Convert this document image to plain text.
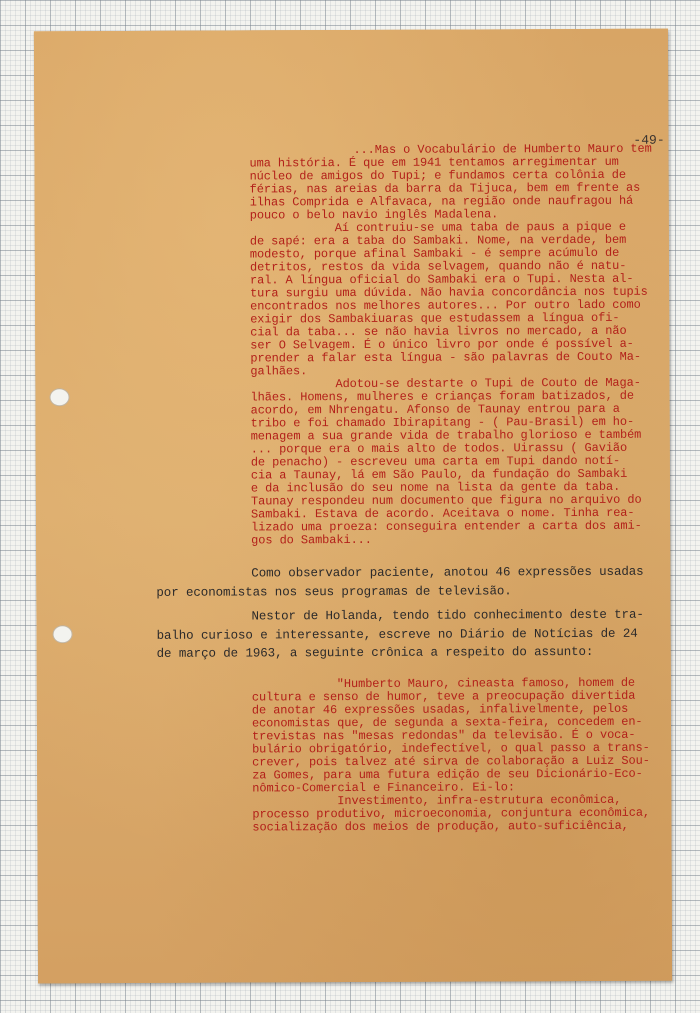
-49-

...Mas o Vocabulário de Humberto Mauro tem

uma história. É que em 1941 tentamos arregimentar um

núcleo de amigos do Tupi; e fundamos certa colônia de

férias, nas areias da barra da Tijuca, bem em frente as

ilhas Comprida e Alfavaca, na região onde naufragou há

pouco o belo navio inglês Madalena.

Aí contruiu-se uma taba de paus a pique e

de sapé: era a taba do Sambaki. Nome, na verdade, bem

modesto, porque afinal Sambaki - é sempre acúmulo de

detritos, restos da vida selvagem, quando não é natu-

ral. A língua oficial do Sambaki era o Tupi. Nesta al-

tura surgiu uma dúvida. Não havia concordância nos tupis

encontrados nos melhores autores... Por outro lado como

exigir dos Sambakiuaras que estudassem a língua ofi-

cial da taba... se não havia livros no mercado, a não

ser O Selvagem. É o único livro por onde é possível a-

prender a falar esta língua - são palavras de Couto Ma-

galhães.

Adotou-se destarte o Tupi de Couto de Maga-

lhães. Homens, mulheres e crianças foram batizados, de

acordo, em Nhrengatu. Afonso de Taunay entrou para a

tribo e foi chamado Ibirapitang - ( Pau-Brasil) em ho-

menagem a sua grande vida de trabalho glorioso e também

... porque era o mais alto de todos. Uirassu ( Gavião

de penacho) - escreveu uma carta em Tupi dando notí-

cia a Taunay, lá em São Paulo, da fundação do Sambaki

e da inclusão do seu nome na lista da gente da taba.

Taunay respondeu num documento que figura no arquivo do

Sambaki. Estava de acordo. Aceitava o nome. Tinha rea-

lizado uma proeza: conseguira entender a carta dos ami-

gos do Sambaki...

Como observador paciente, anotou 46 expressões usadas

por economistas nos seus programas de televisão.

Nestor de Holanda, tendo tido conhecimento deste tra-

balho curioso e interessante, escreve no Diário de Notícias de 24

de março de 1963, a seguinte crônica a respeito do assunto:

"Humberto Mauro, cineasta famoso, homem de

cultura e senso de humor, teve a preocupação divertida

de anotar 46 expressões usadas, infalivelmente, pelos

economistas que, de segunda a sexta-feira, concedem en-

trevistas nas "mesas redondas" da televisão. É o voca-

bulário obrigatório, indefectível, o qual passo a trans-

crever, pois talvez até sirva de colaboração a Luiz Sou-

za Gomes, para uma futura edição de seu Dicionário-Eco-

nômico-Comercial e Financeiro. Ei-lo:

Investimento, infra-estrutura econômica,

processo produtivo, microeconomia, conjuntura econômica,

socialização dos meios de produção, auto-suficiência,
